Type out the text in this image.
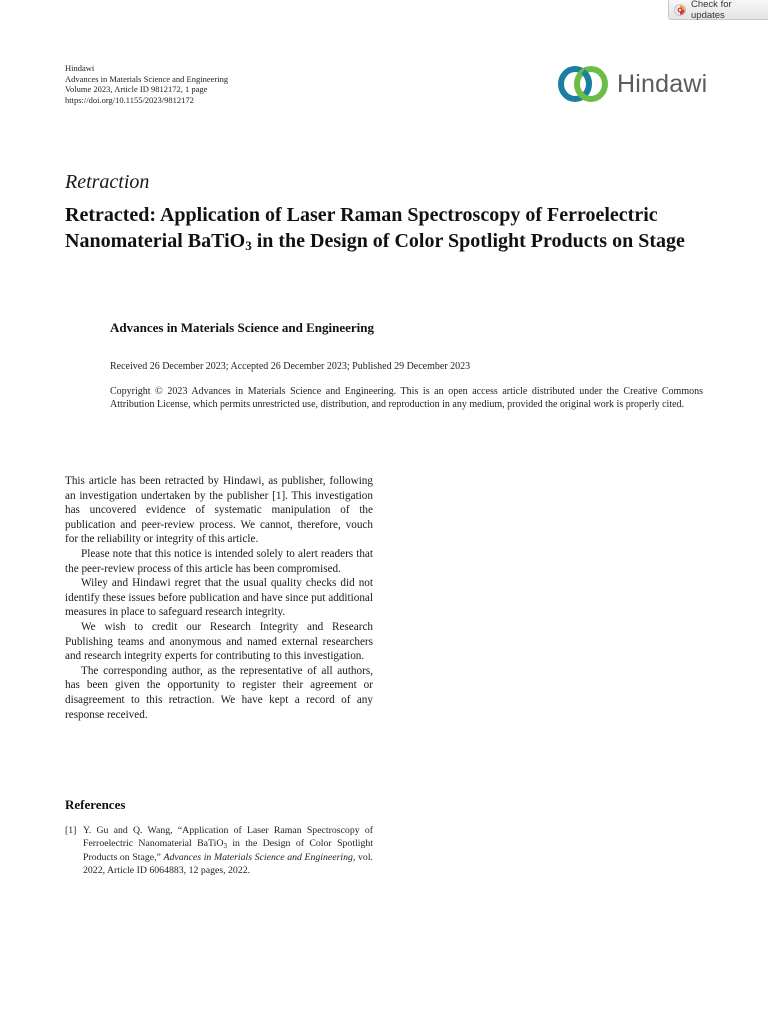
Check for updates
Hindawi
Advances in Materials Science and Engineering
Volume 2023, Article ID 9812172, 1 page
https://doi.org/10.1155/2023/9812172
Hindawi
Retraction
Retracted: Application of Laser Raman Spectroscopy of Ferroelectric Nanomaterial BaTiO$_3$ in the Design of Color Spotlight Products on Stage
Advances in Materials Science and Engineering
Received 26 December 2023; Accepted 26 December 2023; Published 29 December 2023

Copyright © 2023 Advances in Materials Science and Engineering. This is an open access article distributed under the Creative Commons Attribution License, which permits unrestricted use, distribution, and reproduction in any medium, provided the original work is properly cited.

This article has been retracted by Hindawi, as publisher, following an investigation undertaken by the publisher [1]. This investigation has uncovered evidence of systematic manipulation of the publication and peer-review process. We cannot, therefore, vouch for the reliability or integrity of this article.

Please note that this notice is intended solely to alert readers that the peer-review process of this article has been compromised.

Wiley and Hindawi regret that the usual quality checks did not identify these issues before publication and have since put additional measures in place to safeguard research integrity.

We wish to credit our Research Integrity and Research Publishing teams and anonymous and named external researchers and research integrity experts for contributing to this investigation.

The corresponding author, as the representative of all authors, has been given the opportunity to register their agreement or disagreement to this retraction. We have kept a record of any response received.

References
[1] Y. Gu and Q. Wang, “Application of Laser Raman Spectroscopy of Ferroelectric Nanomaterial BaTiO$_3$ in the Design of Color Spotlight Products on Stage,” Advances in Materials Science and Engineering, vol. 2022, Article ID 6064883, 12 pages, 2022.
